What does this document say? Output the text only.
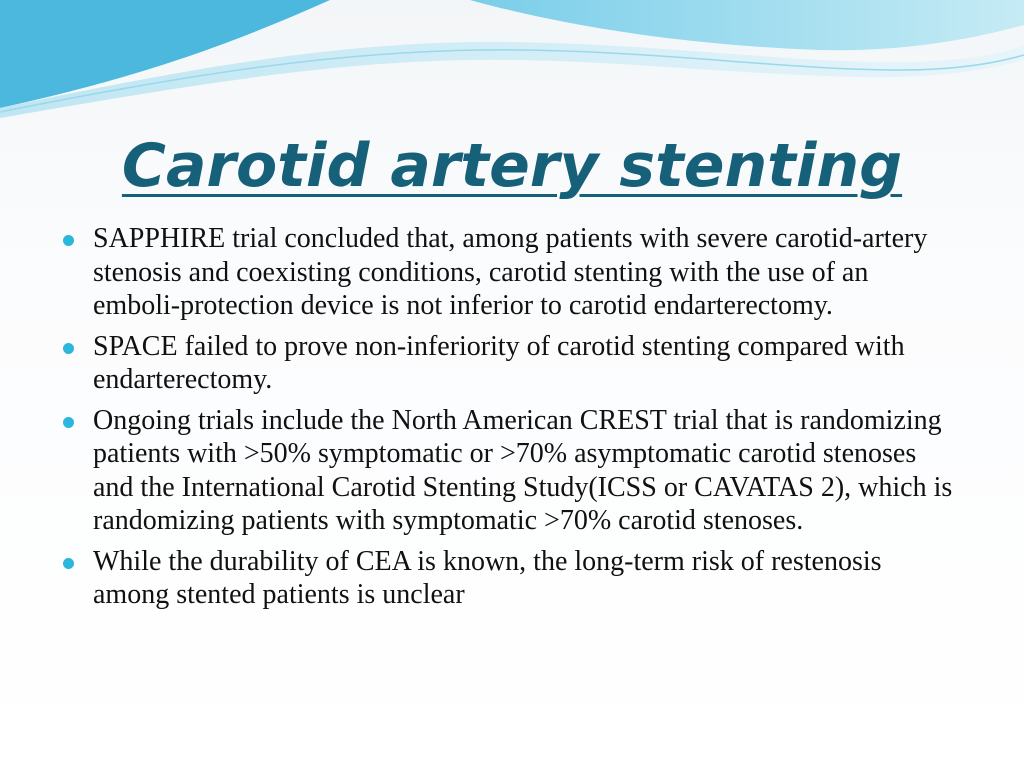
Carotid artery stenting
SAPPHIRE trial concluded that, among patients with severe carotid-artery stenosis and coexisting conditions, carotid stenting with the use of an emboli-protection device is not inferior to carotid endarterectomy.
SPACE failed to prove non-inferiority of carotid stenting compared with endarterectomy.
Ongoing trials include the North American CREST trial that is randomizing patients with >50% symptomatic or >70% asymptomatic carotid stenoses and the International Carotid Stenting Study(ICSS or CAVATAS 2), which is randomizing patients with symptomatic >70% carotid stenoses.
While the durability of CEA is known, the long-term risk of restenosis among stented patients is unclear
